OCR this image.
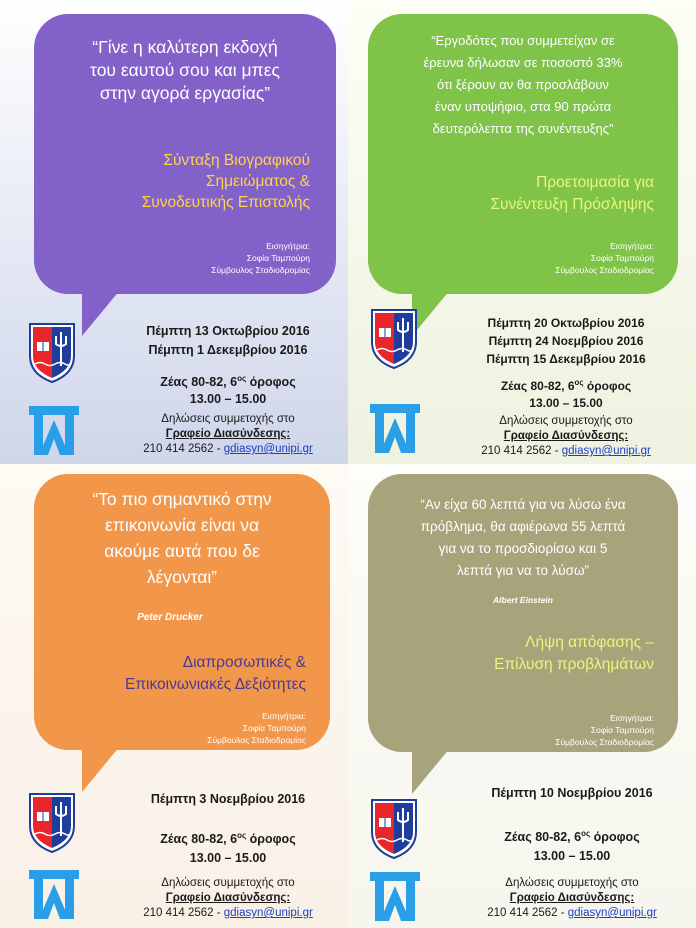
“Γίνε η καλύτερη εκδοχή
του εαυτού σου και μπες
στην αγορά εργασίας”
Σύνταξη Βιογραφικού
Σημειώματος &
Συνοδευτικής Επιστολής
Εισηγήτρια:
Σοφία Ταμπούρη
Σύμβουλος Σταδιοδρομίας
Πέμπτη 13 Οκτωβρίου 2016
Πέμπτη 1 Δεκεμβρίου 2016
Ζέας 80-82, $6^{o\varsigma}$ όροφος
13.00 – 15.00
Δηλώσεις συμμετοχής στο
Γραφείο Διασύνδεσης:
210 414 2562 - gdiasyn@unipi.gr
“Εργοδότες που συμμετείχαν σε
έρευνα δήλωσαν σε ποσοστό 33%
ότι ξέρουν αν θα προσλάβουν
έναν υποψήφιο, στα 90 πρώτα
δευτερόλεπτα της συνέντευξης”
Προετοιμασία για
Συνέντευξη Πρόσληψης
Εισηγήτρια:
Σοφία Ταμπούρη
Σύμβουλος Σταδιοδρομίας
Πέμπτη 20 Οκτωβρίου 2016
Πέμπτη 24 Νοεμβρίου 2016
Πέμπτη 15 Δεκεμβρίου 2016
Ζέας 80-82, $6^{o\varsigma}$ όροφος
13.00 – 15.00
Δηλώσεις συμμετοχής στο
Γραφείο Διασύνδεσης:
210 414 2562 - gdiasyn@unipi.gr
“Το πιο σημαντικό στην
επικοινωνία είναι να
ακούμε αυτά που δε
λέγονται”
Peter Drucker
Διαπροσωπικές &
Επικοινωνιακές Δεξιότητες
Εισηγήτρια:
Σοφία Ταμπούρη
Σύμβουλος Σταδιοδρομίας
Πέμπτη 3 Νοεμβρίου 2016
Ζέας 80-82, $6^{o\varsigma}$ όροφος
13.00 – 15.00
Δηλώσεις συμμετοχής στο
Γραφείο Διασύνδεσης:
210 414 2562 - gdiasyn@unipi.gr
“Αν είχα 60 λεπτά για να λύσω ένα
πρόβλημα, θα αφιέρωνα 55 λεπτά
για να το προσδιορίσω και 5
λεπτά για να το λύσω”
Albert Einstein
Λήψη απόφασης –
Επίλυση προβλημάτων
Εισηγήτρια:
Σοφία Ταμπούρη
Σύμβουλος Σταδιοδρομίας
Πέμπτη 10 Νοεμβρίου 2016
Ζέας 80-82, $6^{o\varsigma}$ όροφος
13.00 – 15.00
Δηλώσεις συμμετοχής στο
Γραφείο Διασύνδεσης:
210 414 2562 - gdiasyn@unipi.gr
